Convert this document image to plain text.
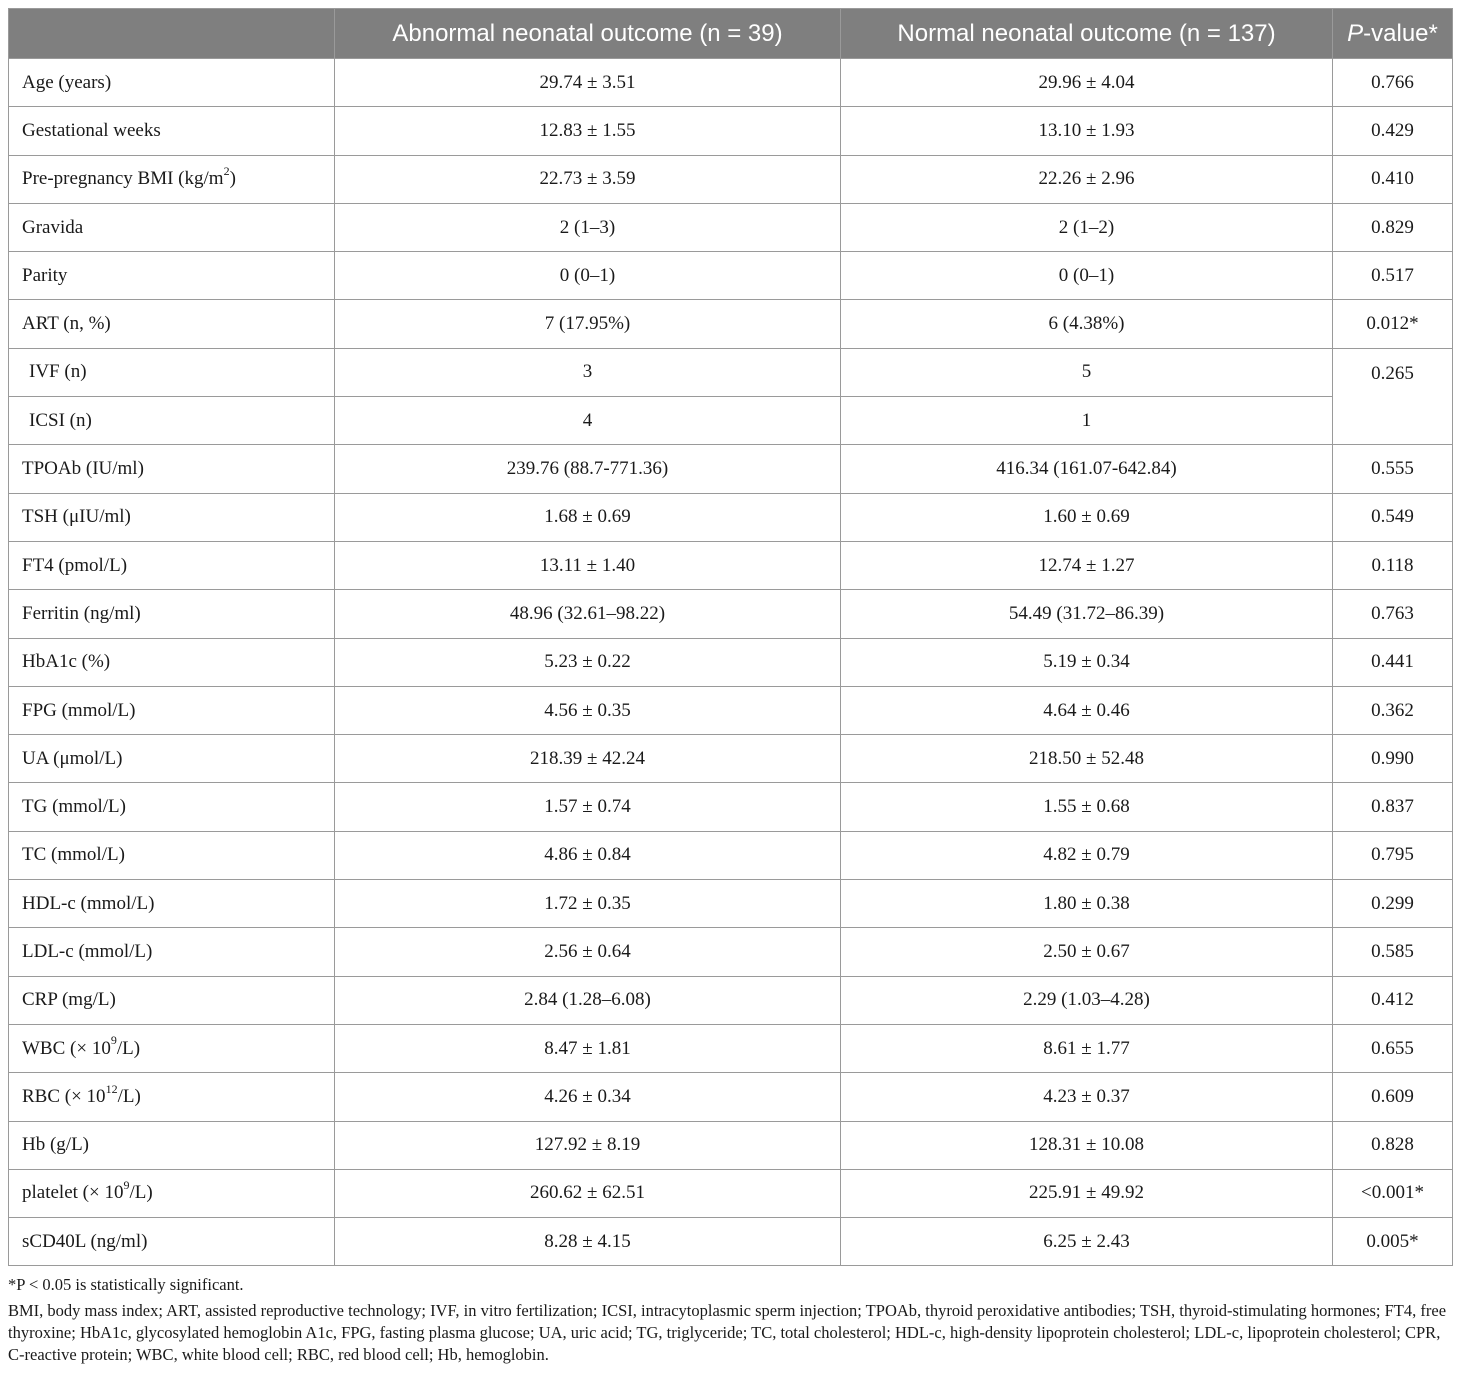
	Abnormal neonatal outcome (n = 39)	Normal neonatal outcome (n = 137)	P-value*
Age (years)	29.74 ± 3.51	29.96 ± 4.04	0.766
Gestational weeks	12.83 ± 1.55	13.10 ± 1.93	0.429
Pre-pregnancy BMI $(kg/m^2)$	22.73 ± 3.59	22.26 ± 2.96	0.410
Gravida	2 (1–3)	2 (1–2)	0.829
Parity	0 (0–1)	0 (0–1)	0.517
ART (n, %)	7 (17.95%)	6 (4.38%)	0.012*
IVF (n)	3	5	0.265
ICSI (n)	4	1	
TPOAb (IU/ml)	239.76 (88.7-771.36)	416.34 (161.07-642.84)	0.555
TSH (μIU/ml)	1.68 ± 0.69	1.60 ± 0.69	0.549
FT4 (pmol/L)	13.11 ± 1.40	12.74 ± 1.27	0.118
Ferritin (ng/ml)	48.96 (32.61–98.22)	54.49 (31.72–86.39)	0.763
HbA1c (%)	5.23 ± 0.22	5.19 ± 0.34	0.441
FPG (mmol/L)	4.56 ± 0.35	4.64 ± 0.46	0.362
UA (μmol/L)	218.39 ± 42.24	218.50 ± 52.48	0.990
TG (mmol/L)	1.57 ± 0.74	1.55 ± 0.68	0.837
TC (mmol/L)	4.86 ± 0.84	4.82 ± 0.79	0.795
HDL-c (mmol/L)	1.72 ± 0.35	1.80 ± 0.38	0.299
LDL-c (mmol/L)	2.56 ± 0.64	2.50 ± 0.67	0.585
CRP (mg/L)	2.84 (1.28–6.08)	2.29 (1.03–4.28)	0.412
WBC (× $10^9/L$)	8.47 ± 1.81	8.61 ± 1.77	0.655
RBC (× $10^{12}/L$)	4.26 ± 0.34	4.23 ± 0.37	0.609
Hb (g/L)	127.92 ± 8.19	128.31 ± 10.08	0.828
platelet (× $10^9/L$)	260.62 ± 62.51	225.91 ± 49.92	<0.001*
sCD40L (ng/ml)	8.28 ± 4.15	6.25 ± 2.43	0.005*

*P < 0.05 is statistically significant.

BMI, body mass index; ART, assisted reproductive technology; IVF, in vitro fertilization; ICSI, intracytoplasmic sperm injection; TPOAb, thyroid peroxidative antibodies; TSH, thyroid-stimulating hormones; FT4, free thyroxine; HbA1c, glycosylated hemoglobin A1c, FPG, fasting plasma glucose; UA, uric acid; TG, triglyceride; TC, total cholesterol; HDL-c, high-density lipoprotein cholesterol; LDL-c, lipoprotein cholesterol; CPR, C-reactive protein; WBC, white blood cell; RBC, red blood cell; Hb, hemoglobin.
